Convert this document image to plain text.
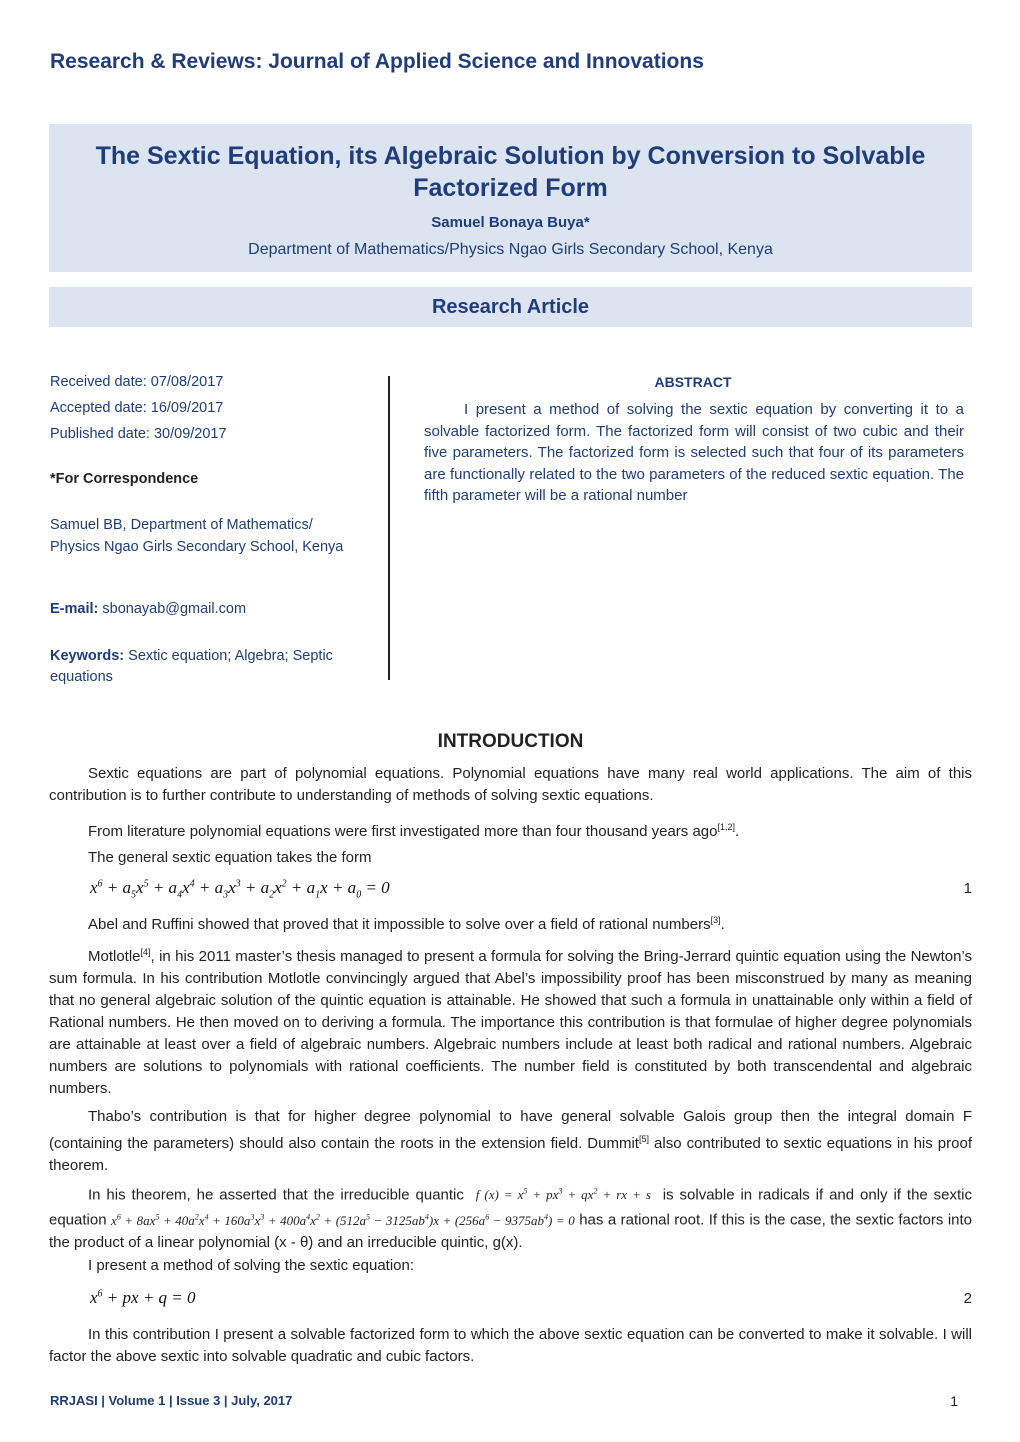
Research & Reviews: Journal of Applied Science and Innovations
The Sextic Equation, its Algebraic Solution by Conversion to Solvable Factorized Form
Samuel Bonaya Buya*
Department of Mathematics/Physics Ngao Girls Secondary School, Kenya
Research Article
Received date: 07/08/2017
Accepted date: 16/09/2017
Published date: 30/09/2017
*For Correspondence
Samuel BB, Department of Mathematics/ Physics Ngao Girls Secondary School, Kenya
E-mail: sbonayab@gmail.com
Keywords: Sextic equation; Algebra; Septic equations
ABSTRACT
I present a method of solving the sextic equation by converting it to a solvable factorized form. The factorized form will consist of two cubic and their five parameters. The factorized form is selected such that four of its parameters are functionally related to the two parameters of the reduced sextic equation. The fifth parameter will be a rational number
INTRODUCTION
Sextic equations are part of polynomial equations. Polynomial equations have many real world applications. The aim of this contribution is to further contribute to understanding of methods of solving sextic equations.
From literature polynomial equations were first investigated more than four thousand years ago[1,2].
The general sextic equation takes the form
$x^6 + a_5x^5 + a_4x^4 + a_3x^3 + a_2x^2 + a_1x + a_0 = 0$	1
Abel and Ruffini showed that proved that it impossible to solve over a field of rational numbers[3].
Motlotle[4], in his 2011 master’s thesis managed to present a formula for solving the Bring-Jerrard quintic equation using the Newton’s sum formula. In his contribution Motlotle convincingly argued that Abel’s impossibility proof has been misconstrued by many as meaning that no general algebraic solution of the quintic equation is attainable. He showed that such a formula in unattainable only within a field of Rational numbers. He then moved on to deriving a formula. The importance this contribution is that formulae of higher degree polynomials are attainable at least over a field of algebraic numbers. Algebraic numbers include at least both radical and rational numbers. Algebraic numbers are solutions to polynomials with rational coefficients. The number field is constituted by both transcendental and algebraic numbers.
Thabo’s contribution is that for higher degree polynomial to have general solvable Galois group then the integral domain F (containing the parameters) should also contain the roots in the extension field. Dummit[5] also contributed to sextic equations in his proof theorem.
In his theorem, he asserted that the irreducible quantic f $(x) = x^5 + px^3 + qx^2$ + rx + s is solvable in radicals if and only if the sextic equation $x^6 + 8ax^5 + 40a^2x^4 + 160a^3x^3 + 400a^4x^2 + (512a^5 - 3125ab^4)x + (256a^6 - 9375ab^4) = 0$ has a rational root. If this is the case, the sextic factors into the product of a linear polynomial (x - θ) and an irreducible quintic, g(x).
I present a method of solving the sextic equation:
$x^6$ + px + q = 0	2
In this contribution I present a solvable factorized form to which the above sextic equation can be converted to make it solvable. I will factor the above sextic into solvable quadratic and cubic factors.
RRJASI | Volume 1 | Issue 3 | July, 2017	1
